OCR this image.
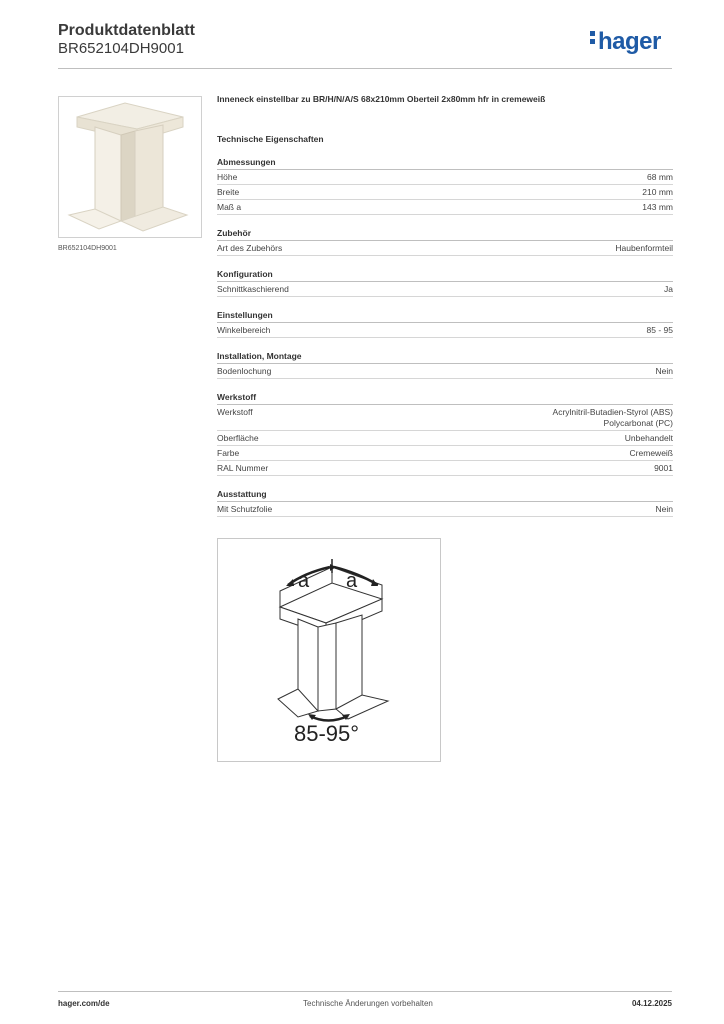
Produktdatenblatt
BR652104DH9001	hager
BR652104DH9001
Inneneck einstellbar zu BR/H/N/A/S 68x210mm Oberteil 2x80mm hfr in cremeweiß
Technische Eigenschaften
Abmessungen
Höhe	68 mm
Breite	210 mm
Maß a	143 mm
Zubehör
Art des Zubehörs	Haubenformteil
Konfiguration
Schnittkaschierend	Ja
Einstellungen
Winkelbereich	85 - 95
Installation, Montage
Bodenlochung	Nein
Werkstoff
Werkstoff	Acrylnitril-Butadien-Styrol (ABS)
Polycarbonat (PC)
Oberfläche	Unbehandelt
Farbe	Cremeweiß
RAL Nummer	9001
Ausstattung
Mit Schutzfolie	Nein
a a
85-95°
hager.com/de	Technische Änderungen vorbehalten	04.12.2025
